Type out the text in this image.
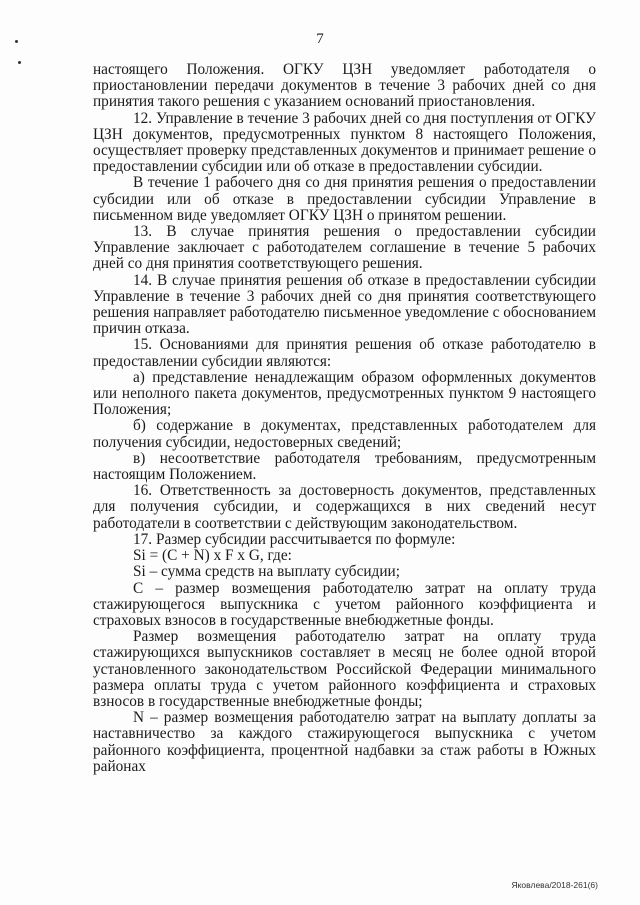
7

настоящего Положения. ОГКУ ЦЗН уведомляет работодателя о приостановлении передачи документов в течение 3 рабочих дней со дня принятия такого решения с указанием оснований приостановления.

12. Управление в течение 3 рабочих дней со дня поступления от ОГКУ ЦЗН документов, предусмотренных пунктом 8 настоящего Положения, осуществляет проверку представленных документов и принимает решение о предоставлении субсидии или об отказе в предоставлении субсидии.

В течение 1 рабочего дня со дня принятия решения о предоставлении субсидии или об отказе в предоставлении субсидии Управление в письменном виде уведомляет ОГКУ ЦЗН о принятом решении.

13. В случае принятия решения о предоставлении субсидии Управление заключает с работодателем соглашение в течение 5 рабочих дней со дня принятия соответствующего решения.

14. В случае принятия решения об отказе в предоставлении субсидии Управление в течение 3 рабочих дней со дня принятия соответствующего решения направляет работодателю письменное уведомление с обоснованием причин отказа.

15. Основаниями для принятия решения об отказе работодателю в предоставлении субсидии являются:

а) представление ненадлежащим образом оформленных документов или неполного пакета документов, предусмотренных пунктом 9 настоящего Положения;

б) содержание в документах, представленных работодателем для получения субсидии, недостоверных сведений;

в) несоответствие работодателя требованиям, предусмотренным настоящим Положением.

16. Ответственность за достоверность документов, представленных для получения субсидии, и содержащихся в них сведений несут работодатели в соответствии с действующим законодательством.

17. Размер субсидии рассчитывается по формуле:

Si = (C + N) x F x G, где:

Si – сумма средств на выплату субсидии;

C – размер возмещения работодателю затрат на оплату труда стажирующегося выпускника с учетом районного коэффициента и страховых взносов в государственные внебюджетные фонды.

Размер возмещения работодателю затрат на оплату труда стажирующихся выпускников составляет в месяц не более одной второй установленного законодательством Российской Федерации минимального размера оплаты труда с учетом районного коэффициента и страховых взносов в государственные внебюджетные фонды;

N – размер возмещения работодателю затрат на выплату доплаты за наставничество за каждого стажирующегося выпускника с учетом районного коэффициента, процентной надбавки за стаж работы в Южных районах

Яковлева/2018-261(6)
